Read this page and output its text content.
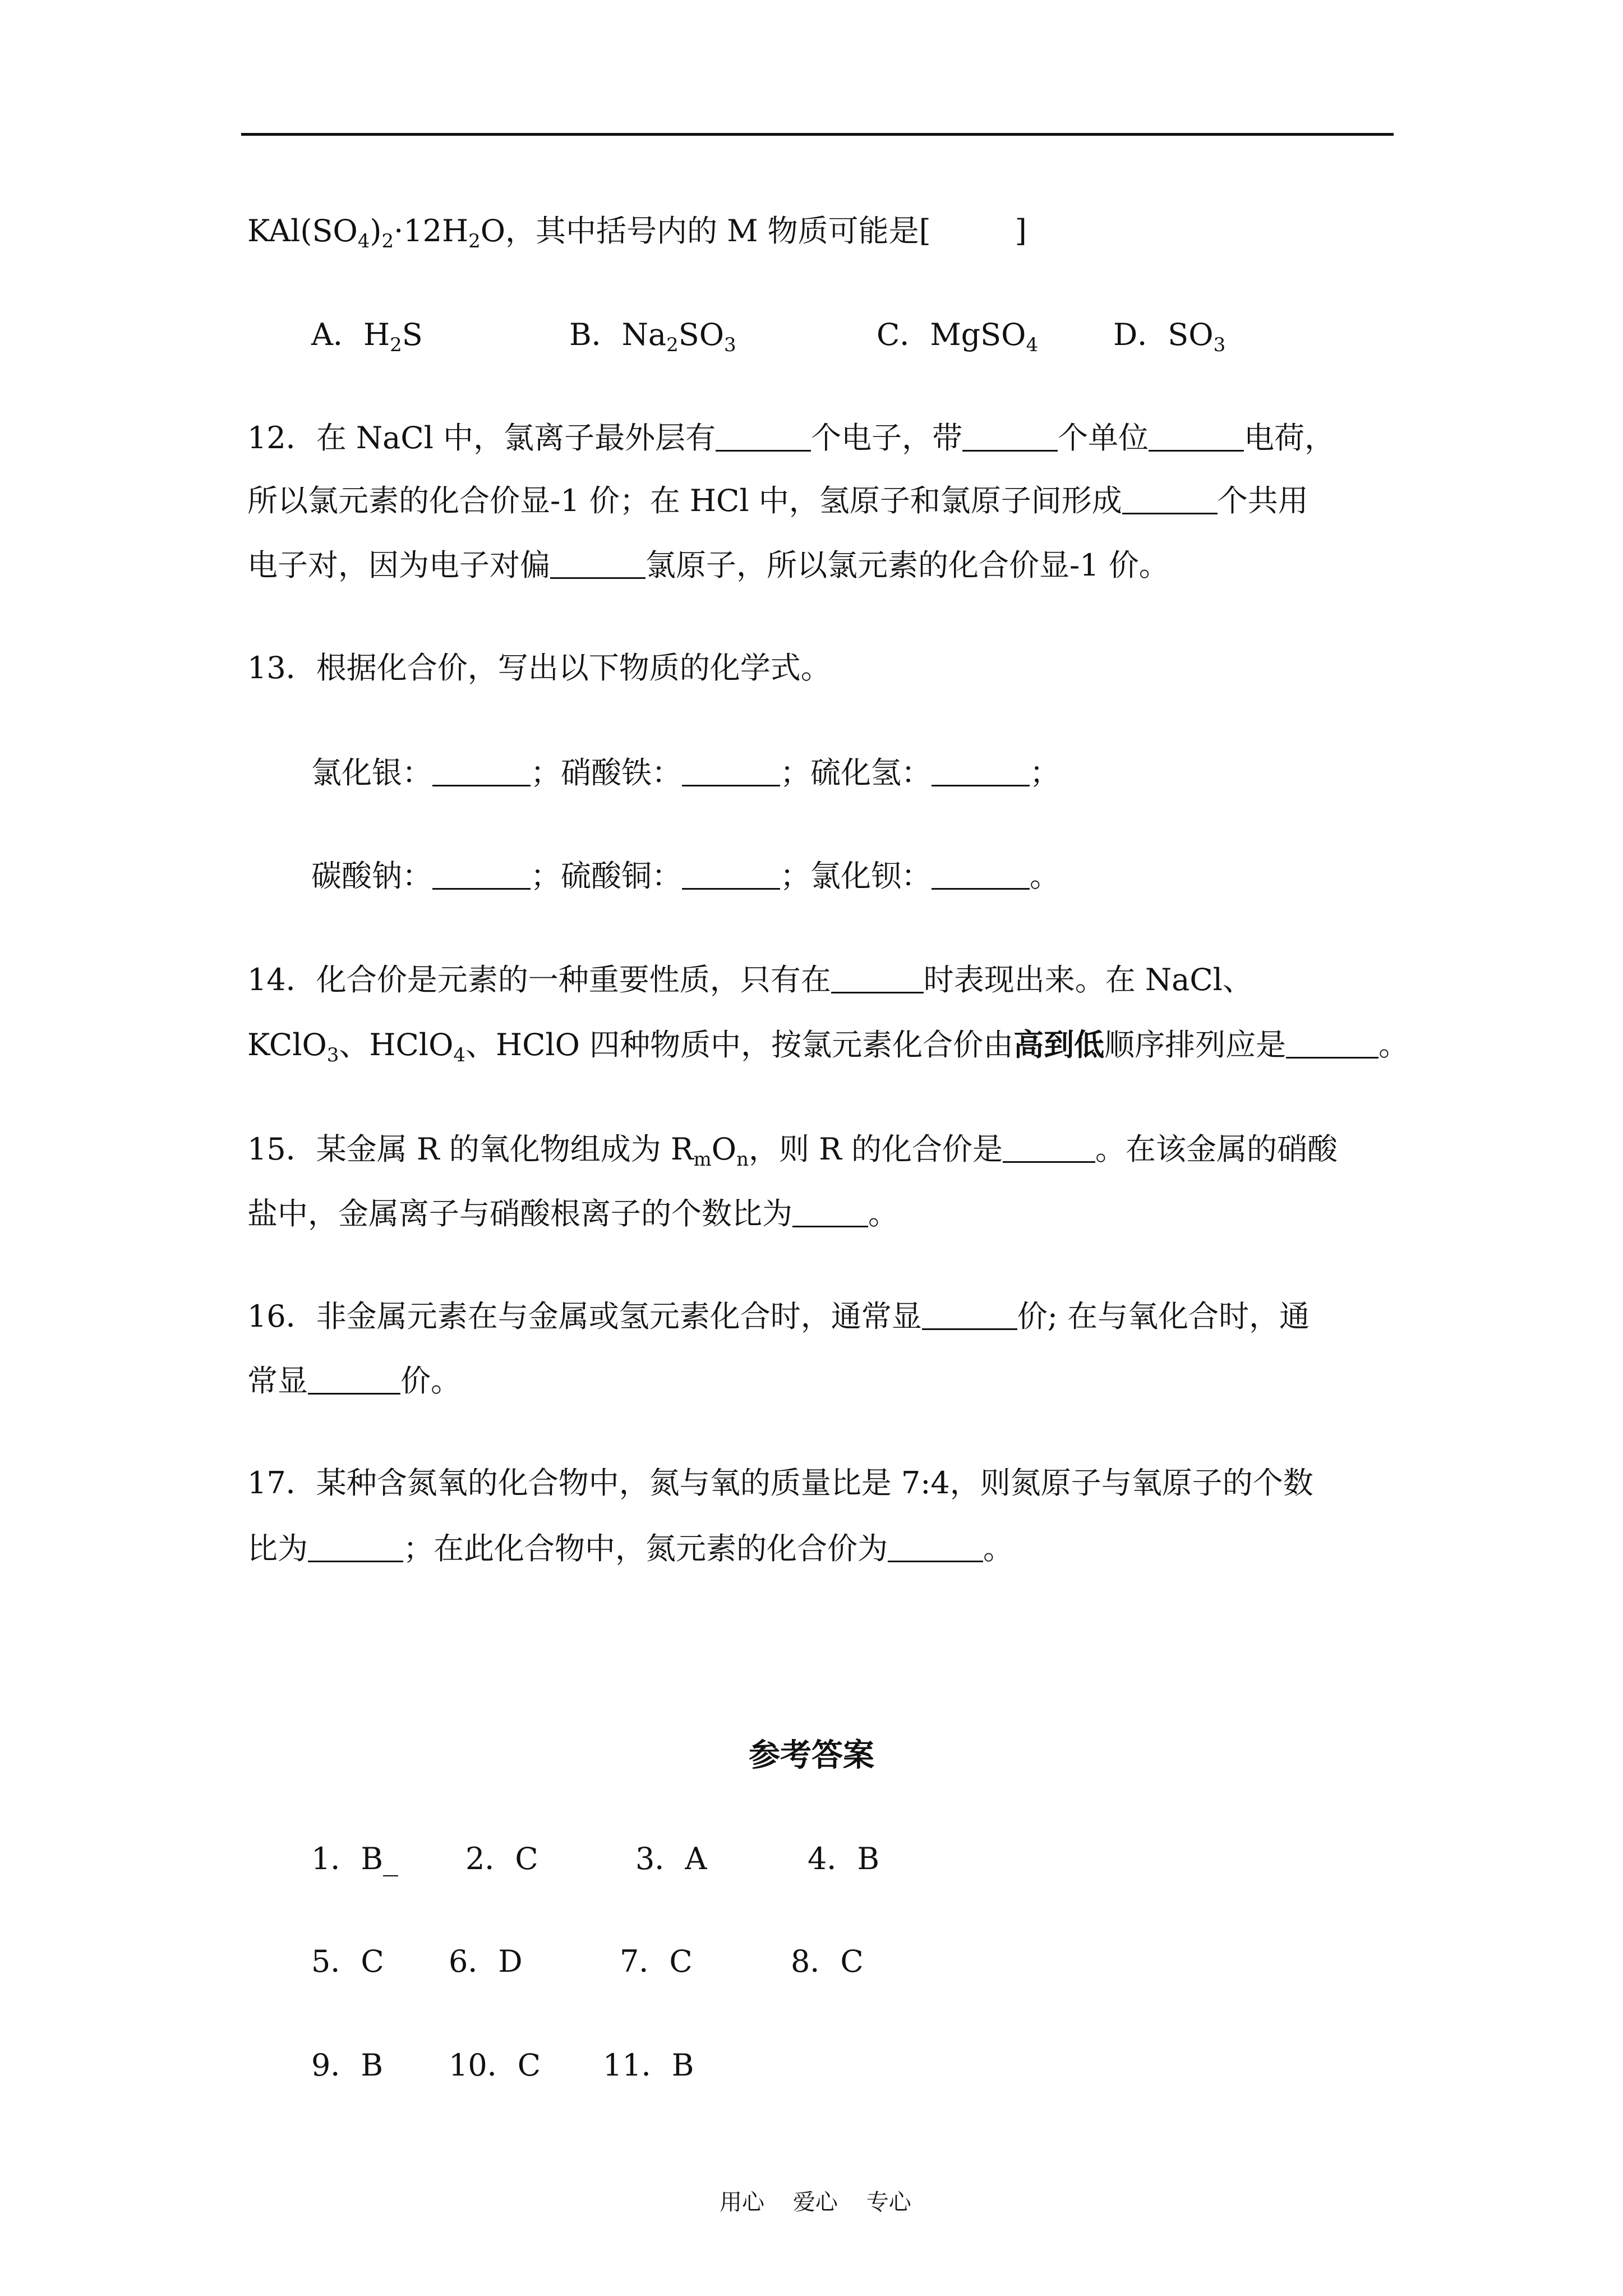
$KAl(SO_4)_2\cdot 12H_2O$，其中括号内的 M 物质可能是[	]
A．$H_2S$	B．$Na_2SO_3$	C．MgSO$_4$ D．$SO_3$
12．在 NaCl 中，氯离子最外层有	个电子，带	个单位	电荷，
所以氯元素的化合价显-1 价；在 HCl 中，氢原子和氯原子间形成	个共用
电子对，因为电子对偏	氯原子，所以氯元素的化合价显-1 价。
13．根据化合价，写出以下物质的化学式。
氯化银：	；硝酸铁：	；硫化氢：	；
碳酸钠：	；硫酸铜：	；氯化钡：	。
14．化合价是元素的一种重要性质，只有在	时表现出来。在 NaCl、
KClO$_3$、HClO$_4$、HClO 四种物质中，按氯元素化合价由高到低顺序排列应是	。
15．某金属 R 的氧化物组成为 $R_mO_n$，则 R 的化合价是	。在该金属的硝酸
盐中，金属离子与硝酸根离子的个数比为	。
16．非金属元素在与金属或氢元素化合时，通常显	价; 在与氧化合时，通
常显	价。
17．某种含氮氧的化合物中，氮与氧的质量比是 7:4，则氮原子与氧原子的个数
比为	；在此化合物中，氮元素的化合价为	。
参考答案
1．B_ 2．C	3．A	4．B
5．C 6．D	7．C	8．C
9．B 10．C 11．B
用心    爱心    专心
